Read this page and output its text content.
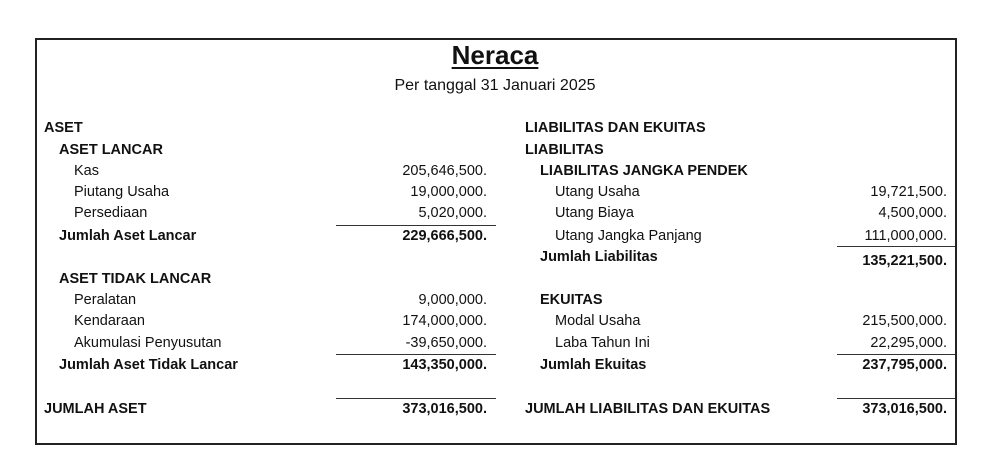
Neraca
Per tanggal 31 Januari 2025
ASET
ASET LANCAR
Kas	205,646,500.
Piutang Usaha	19,000,000.
Persediaan	5,020,000.
Jumlah Aset Lancar	229,666,500.
ASET TIDAK LANCAR
Peralatan	9,000,000.
Kendaraan	174,000,000.
Akumulasi Penyusutan	-39,650,000.
Jumlah Aset Tidak Lancar	143,350,000.
JUMLAH ASET	373,016,500.
LIABILITAS DAN EKUITAS
LIABILITAS
LIABILITAS JANGKA PENDEK
Utang Usaha	19,721,500.
Utang Biaya	4,500,000.
Utang Jangka Panjang	111,000,000.
Jumlah Liabilitas	135,221,500.
EKUITAS
Modal Usaha	215,500,000.
Laba Tahun Ini	22,295,000.
Jumlah Ekuitas	237,795,000.
JUMLAH LIABILITAS DAN EKUITAS	373,016,500.
